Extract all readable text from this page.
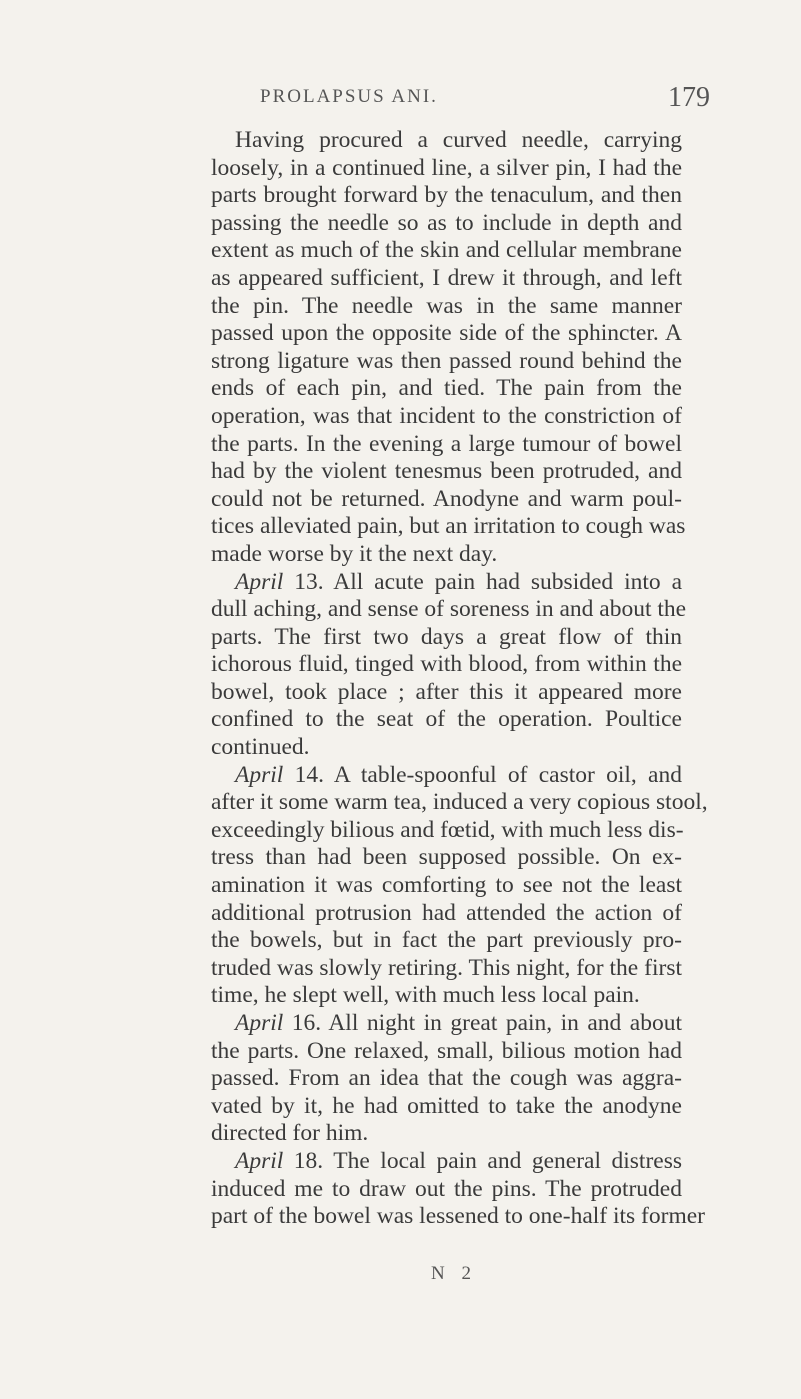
PROLAPSUS ANI.	179
Having procured a curved needle, carrying
loosely, in a continued line, a silver pin, I had the
parts brought forward by the tenaculum, and then
passing the needle so as to include in depth and
extent as much of the skin and cellular membrane
as appeared sufficient, I drew it through, and left
the pin. The needle was in the same manner
passed upon the opposite side of the sphincter. A
strong ligature was then passed round behind the
ends of each pin, and tied. The pain from the
operation, was that incident to the constriction of
the parts. In the evening a large tumour of bowel
had by the violent tenesmus been protruded, and
could not be returned. Anodyne and warm poul-
tices alleviated pain, but an irritation to cough was
made worse by it the next day.
April 13. All acute pain had subsided into a
dull aching, and sense of soreness in and about the
parts. The first two days a great flow of thin
ichorous fluid, tinged with blood, from within the
bowel, took place ; after this it appeared more
confined to the seat of the operation. Poultice
continued.
April 14. A table-spoonful of castor oil, and
after it some warm tea, induced a very copious stool,
exceedingly bilious and fœtid, with much less dis-
tress than had been supposed possible. On ex-
amination it was comforting to see not the least
additional protrusion had attended the action of
the bowels, but in fact the part previously pro-
truded was slowly retiring. This night, for the first
time, he slept well, with much less local pain.
April 16. All night in great pain, in and about
the parts. One relaxed, small, bilious motion had
passed. From an idea that the cough was aggra-
vated by it, he had omitted to take the anodyne
directed for him.
April 18. The local pain and general distress
induced me to draw out the pins. The protruded
part of the bowel was lessened to one-half its former
N 2
